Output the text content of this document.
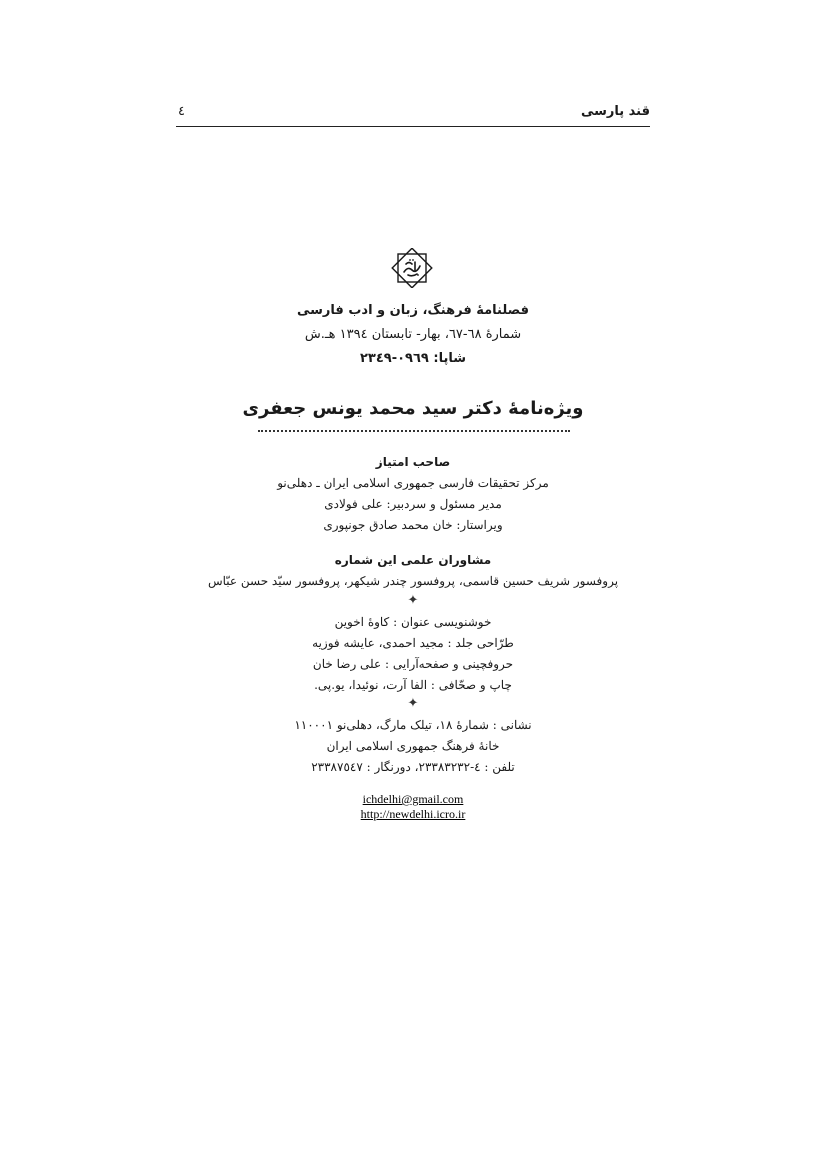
قند پارسی
٤
فصلنامهٔ فرهنگ، زبان و ادب فارسی
شمارهٔ ٦٨-٦٧، بهار- تابستان ١٣٩٤ هـ.ش
شاپا: ٠٩٦٩-٢٣٤٩
ویژه‌نامهٔ دکتر سید محمد یونس جعفری
صاحب امتیاز
مرکز تحقیقات فارسی جمهوری اسلامی ایران ـ دهلی‌نو
مدیر مسئول و سردبیر: علی فولادی
ویراستار: خان محمد صادق جونپوری
مشاوران علمی این شماره
پروفسور شریف حسین قاسمی، پروفسور چندر شیکهر، پروفسور سیّد حسن عبّاس
✦
خوشنویسی عنوان : کاوهٔ اخوین
طرّاحی جلد : مجید احمدی، عایشه فوزیه
حروفچینی و صفحه‌آرایی : علی رضا خان
چاپ و صحّافی : الفا آرت، نوئیدا، یو.پی.
✦
نشانی : شمارهٔ ١٨، تیلک مارگ، دهلی‌نو ١١٠٠٠١
خانهٔ فرهنگ جمهوری اسلامی ایران
تلفن : ٤-٢٣٣٨٣٢٣٢، دورنگار : ٢٣٣٨٧٥٤٧
ichdelhi@gmail.com
http://newdelhi.icro.ir
